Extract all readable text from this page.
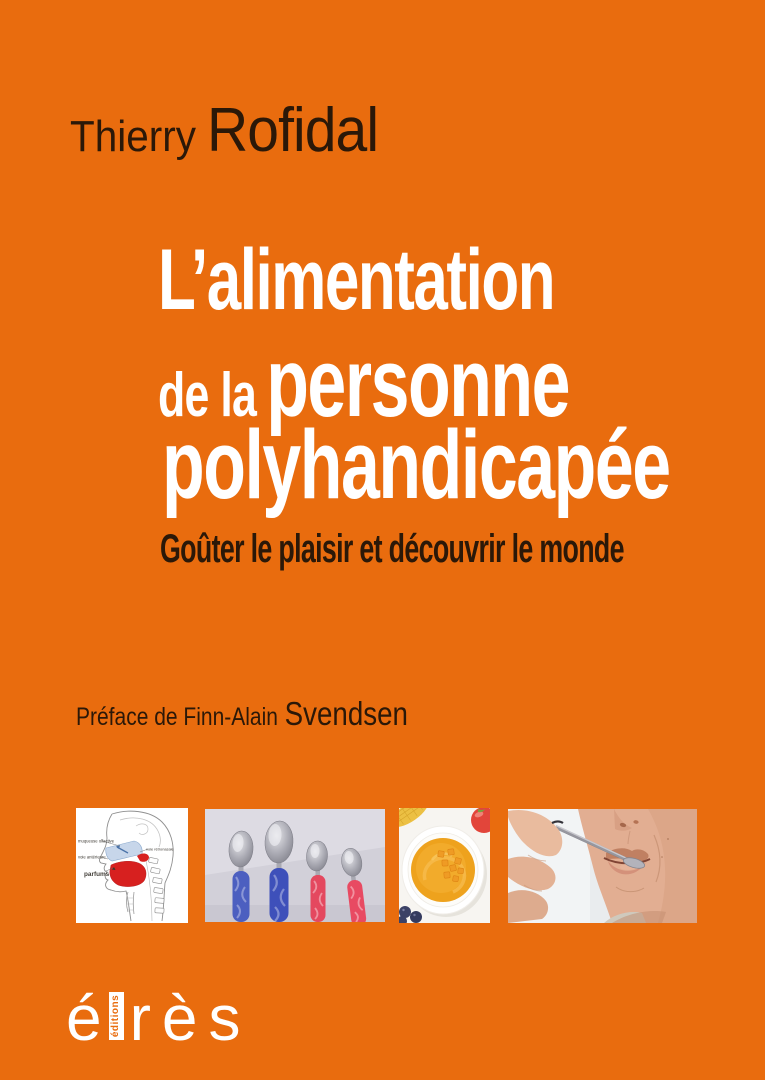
Thierry Rofidal
L’alimentation
de la personne
polyhandicapée
Goûter le plaisir et découvrir le monde
Préface de Finn-Alain Svendsen
muqueuse olfactive
voie antérieure
parfums
voie rétronasale
é éditions rès
